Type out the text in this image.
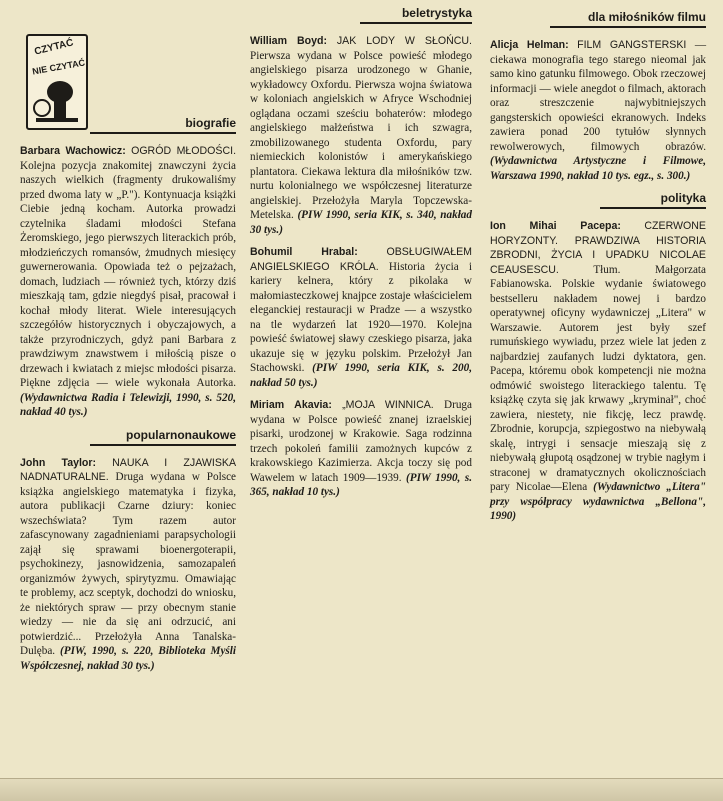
CZYTAĆ
NIE CZYTAĆ
biografie
Barbara Wachowicz: OGRÓD MŁODOŚCI. Kolejna pozycja znakomitej znawczyni życia naszych wielkich (fragmenty drukowaliśmy przed dwoma laty w „P."). Kontynuacja książki Ciebie jedną kocham. Autorka prowadzi czytelnika śladami młodości Stefana Żeromskiego, jego pierwszych literackich prób, młodzieńczych romansów, żmudnych miesięcy guwernerowania. Opowiada też o pejzażach, domach, ludziach — również tych, którzy dziś mieszkają tam, gdzie niegdyś pisał, pracował i kochał młody literat. Wiele interesujących szczegółów historycznych i obyczajowych, a także przyrodniczych, gdyż pani Barbara z prawdziwym znawstwem i miłością pisze o drzewach i kwiatach z miejsc młodości pisarza. Piękne zdjęcia — wiele wykonała Autorka. (Wydawnictwa Radia i Telewizji, 1990, s. 520, nakład 40 tys.)
popularnonaukowe
John Taylor: NAUKA I ZJAWISKA NADNATURALNE. Druga wydana w Polsce książka angielskiego matematyka i fizyka, autora publikacji Czarne dziury: koniec wszechświata? Tym razem autor zafascynowany zagadnieniami parapsychologii zajął się sprawami bioenergoterapii, psychokinezy, jasnowidzenia, samozapaleń organizmów żywych, spirytyzmu. Omawiając te problemy, acz sceptyk, dochodzi do wniosku, że niektórych spraw — przy obecnym stanie wiedzy — nie da się ani odrzucić, ani potwierdzić... Przełożyła Anna Tanalska-Dulęba. (PIW, 1990, s. 220, Biblioteka Myśli Współczesnej, nakład 30 tys.)
beletrystyka
William Boyd: JAK LODY W SŁOŃCU. Pierwsza wydana w Polsce powieść młodego angielskiego pisarza urodzonego w Ghanie, wykładowcy Oxfordu. Pierwsza wojna światowa w koloniach angielskich w Afryce Wschodniej oglądana oczami sześciu bohaterów: młodego angielskiego małżeństwa i ich szwagra, zmobilizowanego studenta Oxfordu, pary niemieckich kolonistów i amerykańskiego plantatora. Ciekawa lektura dla miłośników tzw. nurtu kolonialnego we współczesnej literaturze angielskiej. Przełożyła Maryla Topczewska-Metelska. (PIW 1990, seria KIK, s. 340, nakład 30 tys.)
Bohumil Hrabal:	OBSŁUGIWAŁEM ANGIELSKIEGO KRÓLA. Historia życia i kariery kelnera, który z pikolaka w małomiasteczkowej knajpce zostaje właścicielem eleganckiej restauracji w Pradze — a wszystko na tle wydarzeń lat 1920—1970. Kolejna powieść światowej sławy czeskiego pisarza, jaka ukazuje się w języku polskim. Przełożył Jan Stachowski. (PIW 1990, seria KIK, s. 200, nakład 50 tys.)
Miriam Akavia: „MOJA WINNICA. Druga wydana w Polsce powieść znanej izraelskiej pisarki, urodzonej w Krakowie. Saga rodzinna trzech pokoleń familii zamożnych kupców z krakowskiego Kazimierza. Akcja toczy się pod Wawelem w latach 1909—1939. (PIW 1990, s. 365, nakład 10 tys.)
dla miłośników filmu
Alicja Helman: FILM GANGSTERSKI — ciekawa monografia tego starego nieomal jak samo kino gatunku filmowego. Obok rzeczowej informacji — wiele anegdot o filmach, aktorach oraz streszczenie najwybitniejszych gangsterskich opowieści ekranowych. Indeks zawiera ponad 200 tytułów słynnych rewolwerowych, filmowych obrazów. (Wydawnictwa Artystyczne i Filmowe, Warszawa 1990, nakład 10 tys. egz., s. 300.)
polityka
Ion Mihai Pacepa: CZERWONE HORYZONTY. PRAWDZIWA HISTORIA ZBRODNI, ŻYCIA I UPADKU NICOLAE CEAUSESCU.	Tłum. Małgorzata Fabianowska. Polskie wydanie światowego bestselleru nakładem nowej i bardzo operatywnej oficyny wydawniczej „Litera" w Warszawie. Autorem jest były szef rumuńskiego wywiadu, przez wiele lat jeden z najbardziej zaufanych ludzi dyktatora, gen. Pacepa, któremu obok kompetencji nie można odmówić swoistego literackiego talentu. Tę książkę czyta się jak krwawy „kryminał", choć zawiera, niestety, nie fikcję, lecz prawdę. Zbrodnie, korupcja, szpiegostwo na niebywałą skalę, intrygi i sensacje mieszają się z niebywałą głupotą osądzonej w trybie nagłym i straconej w dramatycznych okolicznościach pary Nicolae—Elena (Wydawnictwo „Litera" przy współpracy wydawnictwa „Bellona", 1990)
